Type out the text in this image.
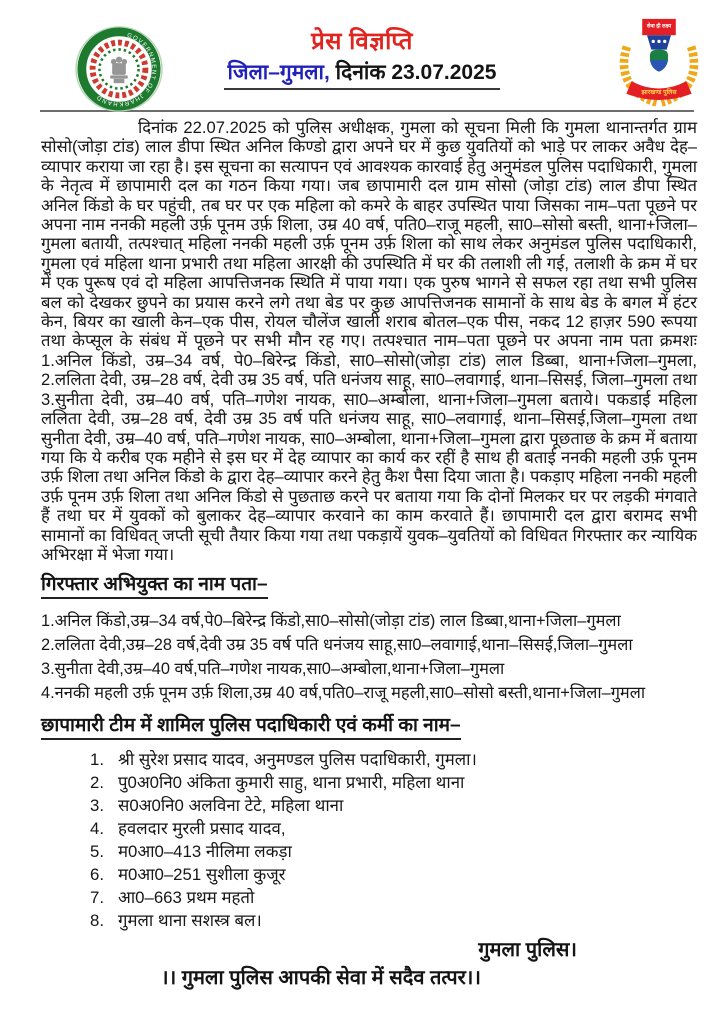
GOVERNMENT OF JHARKHAND
प्रेस विज्ञप्ति
जिला–गुमला, दिनांक 23.07.2025
सेवा ही लक्ष्य
झारखण्ड पुलिस

दिनांक 22.07.2025 को पुलिस अधीक्षक, गुमला को सूचना मिली कि गुमला थानान्तर्गत ग्राम सोसो(जोड़ा टांड) लाल डीपा स्थित अनिल किण्डो द्वारा अपने घर में कुछ युवतियों को भाड़े पर लाकर अवैध देह–व्यापार कराया जा रहा है। इस सूचना का सत्यापन एवं आवश्यक कारवाई हेतु अनुमंडल पुलिस पदाधिकारी, गुमला के नेतृत्व में छापामारी दल का गठन किया गया। जब छापामारी दल ग्राम सोसो (जोड़ा टांड) लाल डीपा स्थित अनिल किंडो के घर पहुंची, तब घर पर एक महिला को कमरे के बाहर उपस्थित पाया जिसका नाम–पता पूछने पर अपना नाम ननकी महली उर्फ़ पूनम उर्फ़ शिला, उम्र 40 वर्ष, पति0–राजू महली, सा0–सोसो बस्ती, थाना+जिला–गुमला बतायी, तत्पश्चात् महिला ननकी महली उर्फ़ पूनम उर्फ़ शिला को साथ लेकर अनुमंडल पुलिस पदाधिकारी, गुमला एवं महिला थाना प्रभारी तथा महिला आरक्षी की उपस्थिति में घर की तलाशी ली गई, तलाशी के क्रम में घर में एक पुरूष एवं दो महिला आपत्तिजनक स्थिति में पाया गया। एक पुरुष भागने से सफल रहा तथा सभी पुलिस बल को देखकर छुपने का प्रयास करने लगे तथा बेड पर कुछ आपत्तिजनक सामानों के साथ बेड के बगल में हंटर केन, बियर का खाली केन–एक पीस, रोयल चौलेंज खाली शराब बोतल–एक पीस, नकद 12 हाज़र 590 रूपया तथा केप्सूल के संबंध में पूछने पर सभी मौन रह गए। तत्पश्चात नाम–पता पूछने पर अपना नाम पता क्रमशः 1.अनिल किंडो, उम्र–34 वर्ष, पे0–बिरेन्द्र किंडो, सा0–सोसो(जोड़ा टांड) लाल डिब्बा, थाना+जिला–गुमला, 2.ललिता देवी, उम्र–28 वर्ष, देवी उम्र 35 वर्ष, पति धनंजय साहू, सा0–लवागाई, थाना–सिसई, जिला–गुमला तथा 3.सुनीता देवी, उम्र–40 वर्ष, पति–गणेश नायक, सा0–अम्बोला, थाना+जिला–गुमला बताये। पकडाई महिला ललिता देवी, उम्र–28 वर्ष, देवी उम्र 35 वर्ष पति धनंजय साहू, सा0–लवागाई, थाना–सिसई,जिला–गुमला तथा सुनीता देवी, उम्र–40 वर्ष, पति–गणेश नायक, सा0–अम्बोला, थाना+जिला–गुमला द्वारा पूछताछ के क्रम में बताया गया कि ये करीब एक महीने से इस घर में देह व्यापार का कार्य कर रहीं है साथ ही बताई ननकी महली उर्फ़ पूनम उर्फ़ शिला तथा अनिल किंडो के द्वारा देह–व्यापार करने हेतु कैश पैसा दिया जाता है। पकड़ाए महिला ननकी महली उर्फ़ पूनम उर्फ़ शिला तथा अनिल किंडो से पुछताछ करने पर बताया गया कि दोनों मिलकर घर पर लड़की मंगवाते हैं तथा घर में युवकों को बुलाकर देह–व्यापार करवाने का काम करवाते हैं। छापामारी दल द्वारा बरामद सभी सामानों का विधिवत् जप्ती सूची तैयार किया गया तथा पकड़ायें युवक–युवतियों को विधिवत गिरफ्तार कर न्यायिक अभिरक्षा में भेजा गया।

गिरफ्तार अभियुक्त का नाम पता–
1.अनिल किंडो,उम्र–34 वर्ष,पे0–बिरेन्द्र किंडो,सा0–सोसो(जोड़ा टांड) लाल डिब्बा,थाना+जिला–गुमला
2.ललिता देवी,उम्र–28 वर्ष,देवी उम्र 35 वर्ष पति धनंजय साहू,सा0–लवागाई,थाना–सिसई,जिला–गुमला
3.सुनीता देवी,उम्र–40 वर्ष,पति–गणेश नायक,सा0–अम्बोला,थाना+जिला–गुमला
4.ननकी महली उर्फ़ पूनम उर्फ़ शिला,उम्र 40 वर्ष,पति0–राजू महली,सा0–सोसो बस्ती,थाना+जिला–गुमला
छापामारी टीम में शामिल पुलिस पदाधिकारी एवं कर्मी का नाम–
1. श्री सुरेश प्रसाद यादव, अनुमण्डल पुलिस पदाधिकारी, गुमला।
2. पु0अ0नि0 अंकिता कुमारी साहु, थाना प्रभारी, महिला थाना
3. स0अ0नि0 अलविना टेटे, महिला थाना
4. हवलदार मुरली प्रसाद यादव,
5. म0आ0–413 नीलिमा लकड़ा
6. म0आ0–251 सुशीला कुजूर
7. आ0–663 प्रथम महतो
8. गुमला थाना सशस्त्र बल।
गुमला पुलिस।
।। गुमला पुलिस आपकी सेवा में सदैव तत्पर।।
